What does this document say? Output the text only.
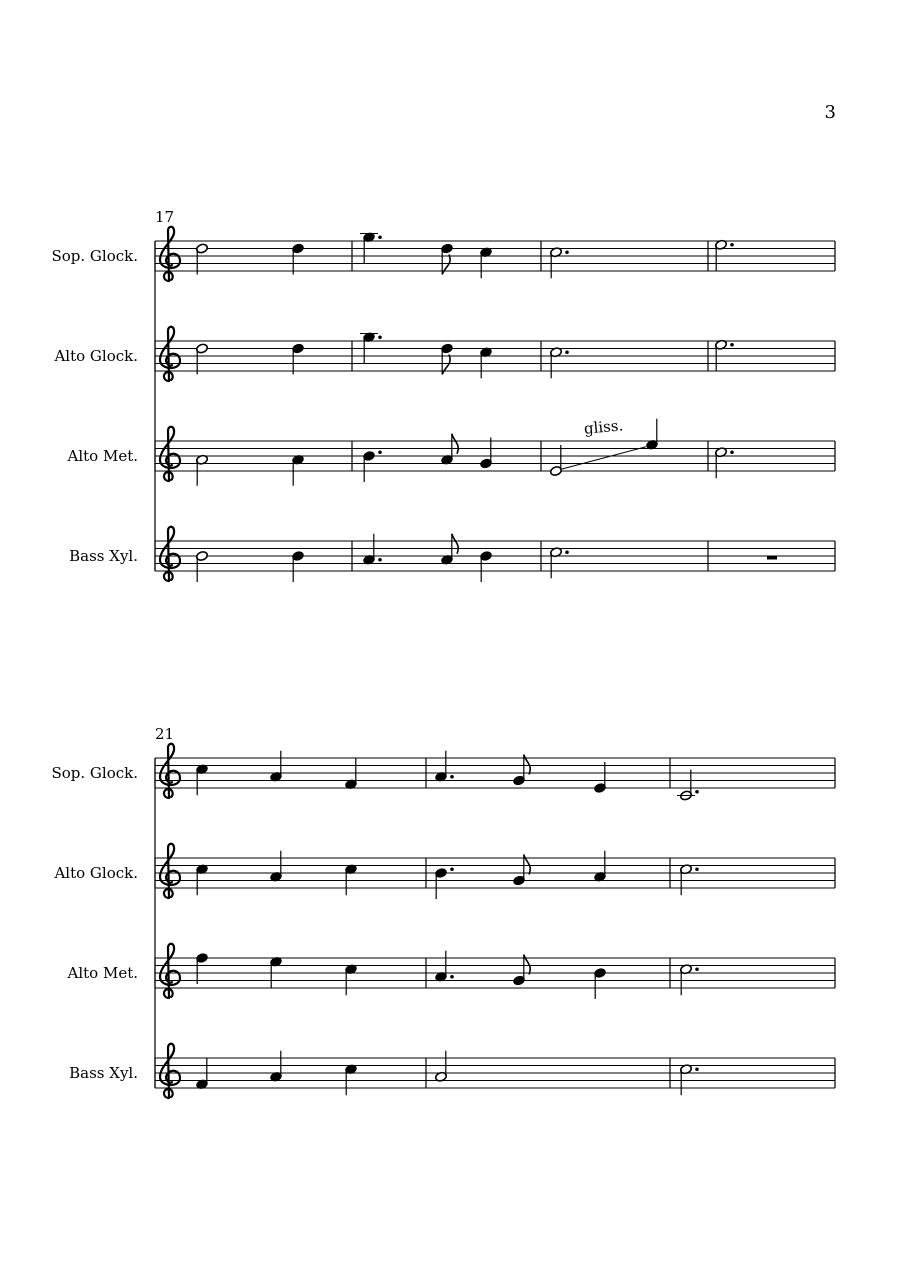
3
17
Sop. Glock.
Alto Glock.
Alto Met.
Bass Xyl.
gliss.
21
Sop. Glock.
Alto Glock.
Alto Met.
Bass Xyl.
